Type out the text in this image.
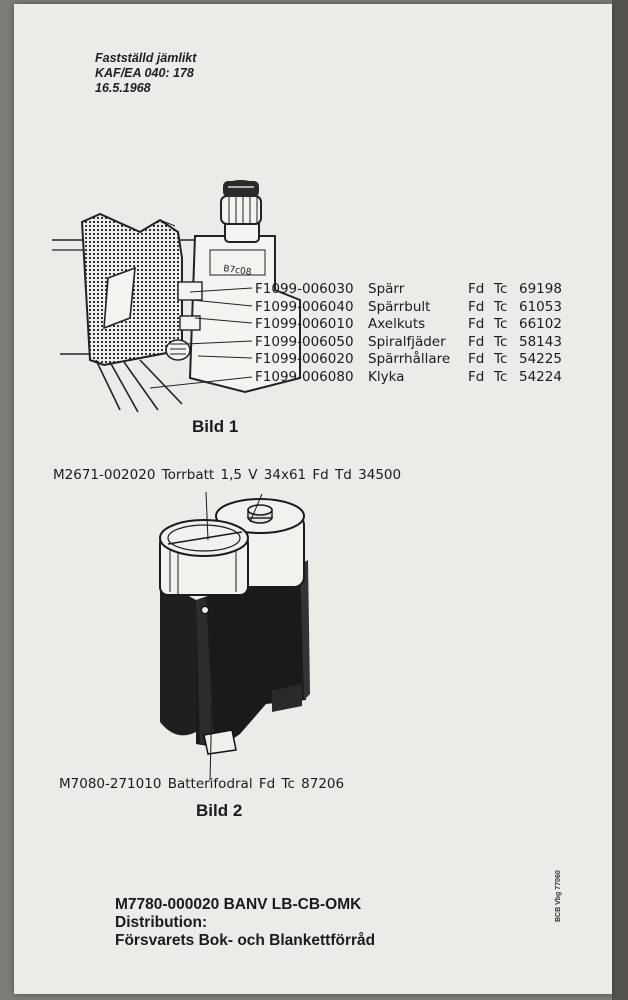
Fastställd jämlikt
KAF/EA 040: 178
16.5.1968
B7c08
F1099-006030	Spärr	Fd Tc 69198
F1099-006040	Spärrbult	Fd Tc 61053
F1099-006010	Axelkuts	Fd Tc 66102
F1099-006050	Spiralfjäder	Fd Tc 58143
F1099-006020	Spärrhållare	Fd Tc 54225
F1099-006080	Klyka	Fd Tc 54224
Bild 1
M2671-002020 Torrbatt 1,5 V 34x61 Fd Td 34500
M7080-271010 Batterifodral Fd Tc 87206
Bild 2
M7780-000020 BANV LB-CB-OMK
Distribution:
Försvarets Bok- och Blankettförråd
BCB Vbg 77060
